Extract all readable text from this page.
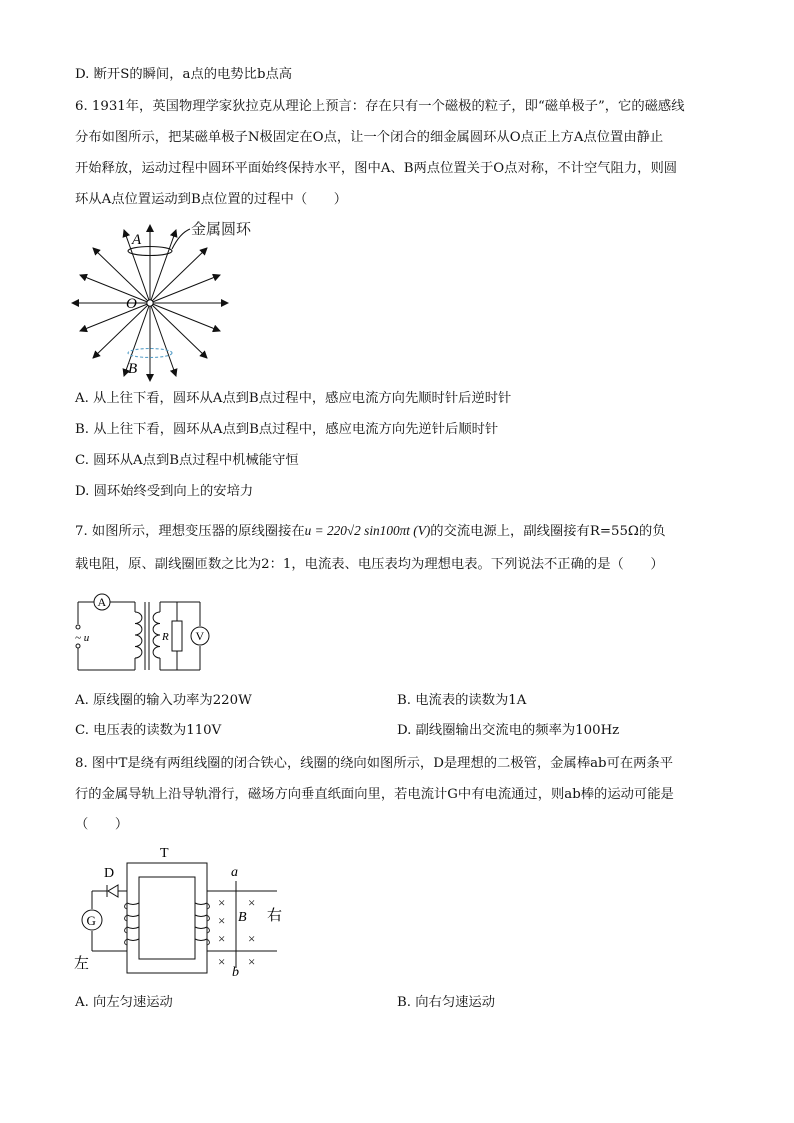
D. 断开S的瞬间，a点的电势比b点高
6. 1931年，英国物理学家狄拉克从理论上预言：存在只有一个磁极的粒子，即“磁单极子”，它的磁感线
分布如图所示，把某磁单极子N极固定在O点，让一个闭合的细金属圆环从O点正上方A点位置由静止
开始释放，运动过程中圆环平面始终保持水平，图中A、B两点位置关于O点对称，不计空气阻力，则圆
环从A点位置运动到B点位置的过程中（　　）
金属圆环
A
O
B
A. 从上往下看，圆环从A点到B点过程中，感应电流方向先顺时针后逆时针
B. 从上往下看，圆环从A点到B点过程中，感应电流方向先逆针后顺时针
C. 圆环从A点到B点过程中机械能守恒
D. 圆环始终受到向上的安培力
7. 如图所示，理想变压器的原线圈接在u = 220√2 sin100πt (V)的交流电源上，副线圈接有R=55Ω的负
载电阻，原、副线圈匝数之比为2：1，电流表、电压表均为理想电表。下列说法不正确的是（　　）
~ u
A
R V
A. 原线圈的输入功率为220W	B. 电流表的读数为1A
C. 电压表的读数为110V	D. 副线圈输出交流电的频率为100Hz
8. 图中T是绕有两组线圈的闭合铁心，线圈的绕向如图所示，D是理想的二极管，金属棒ab可在两条平
行的金属导轨上沿导轨滑行，磁场方向垂直纸面向里，若电流计G中有电流通过，则ab棒的运动可能是
（　　）
D
G
T
a
b
B
× ×
×
× ×
× ×
右
左
A. 向左匀速运动	B. 向右匀速运动
